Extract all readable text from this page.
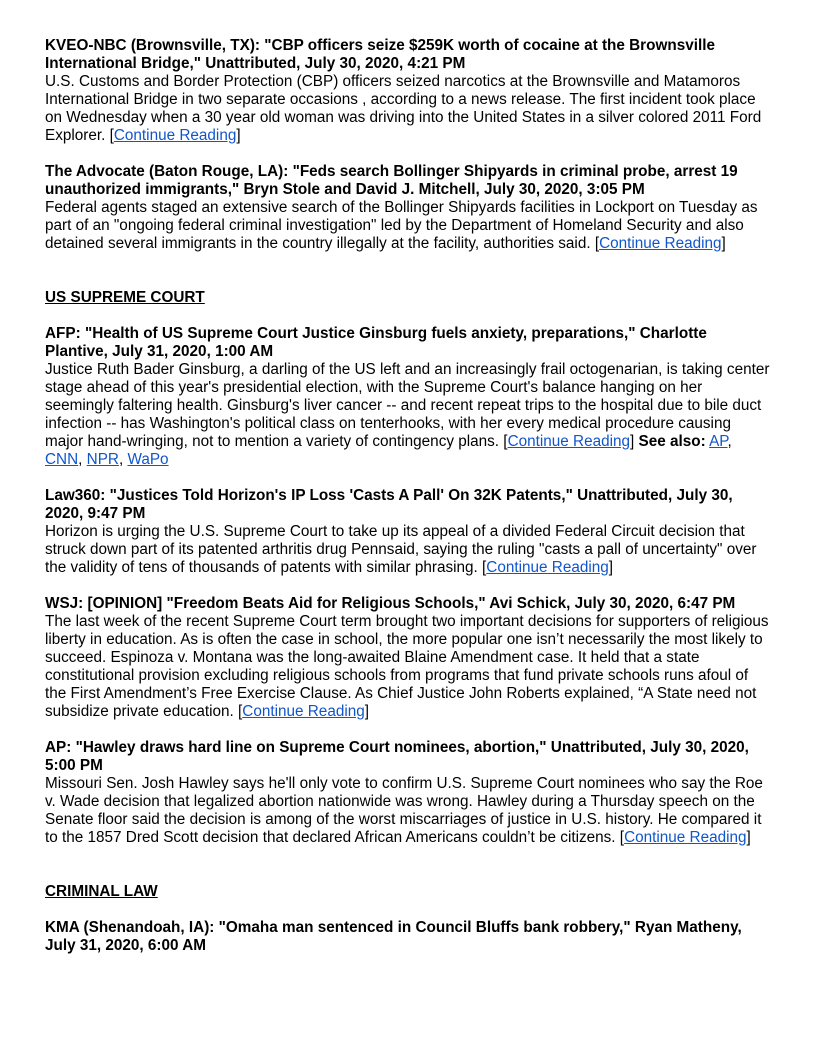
KVEO-NBC (Brownsville, TX): "CBP officers seize $259K worth of cocaine at the Brownsville International Bridge," Unattributed, July 30, 2020, 4:21 PM
U.S. Customs and Border Protection (CBP) officers seized narcotics at the Brownsville and Matamoros International Bridge in two separate occasions , according to a news release. The first incident took place on Wednesday when a 30 year old woman was driving into the United States in a silver colored 2011 Ford Explorer. [Continue Reading]
The Advocate (Baton Rouge, LA): "Feds search Bollinger Shipyards in criminal probe, arrest 19 unauthorized immigrants," Bryn Stole and David J. Mitchell, July 30, 2020, 3:05 PM
Federal agents staged an extensive search of the Bollinger Shipyards facilities in Lockport on Tuesday as part of an "ongoing federal criminal investigation" led by the Department of Homeland Security and also detained several immigrants in the country illegally at the facility, authorities said. [Continue Reading]
US SUPREME COURT
AFP: "Health of US Supreme Court Justice Ginsburg fuels anxiety, preparations," Charlotte Plantive, July 31, 2020, 1:00 AM
Justice Ruth Bader Ginsburg, a darling of the US left and an increasingly frail octogenarian, is taking center stage ahead of this year's presidential election, with the Supreme Court's balance hanging on her seemingly faltering health. Ginsburg's liver cancer -- and recent repeat trips to the hospital due to bile duct infection -- has Washington's political class on tenterhooks, with her every medical procedure causing major hand-wringing, not to mention a variety of contingency plans. [Continue Reading] See also: AP, CNN, NPR, WaPo
Law360: "Justices Told Horizon's IP Loss 'Casts A Pall' On 32K Patents," Unattributed, July 30, 2020, 9:47 PM
Horizon is urging the U.S. Supreme Court to take up its appeal of a divided Federal Circuit decision that struck down part of its patented arthritis drug Pennsaid, saying the ruling "casts a pall of uncertainty" over the validity of tens of thousands of patents with similar phrasing. [Continue Reading]
WSJ: [OPINION] "Freedom Beats Aid for Religious Schools," Avi Schick, July 30, 2020, 6:47 PM
The last week of the recent Supreme Court term brought two important decisions for supporters of religious liberty in education. As is often the case in school, the more popular one isn’t necessarily the most likely to succeed. Espinoza v. Montana was the long-awaited Blaine Amendment case. It held that a state constitutional provision excluding religious schools from programs that fund private schools runs afoul of the First Amendment’s Free Exercise Clause. As Chief Justice John Roberts explained, “A State need not subsidize private education. [Continue Reading]
AP: "Hawley draws hard line on Supreme Court nominees, abortion," Unattributed, July 30, 2020, 5:00 PM
Missouri Sen. Josh Hawley says he'll only vote to confirm U.S. Supreme Court nominees who say the Roe v. Wade decision that legalized abortion nationwide was wrong. Hawley during a Thursday speech on the Senate floor said the decision is among of the worst miscarriages of justice in U.S. history. He compared it to the 1857 Dred Scott decision that declared African Americans couldn’t be citizens. [Continue Reading]
CRIMINAL LAW
KMA (Shenandoah, IA): "Omaha man sentenced in Council Bluffs bank robbery," Ryan Matheny, July 31, 2020, 6:00 AM
